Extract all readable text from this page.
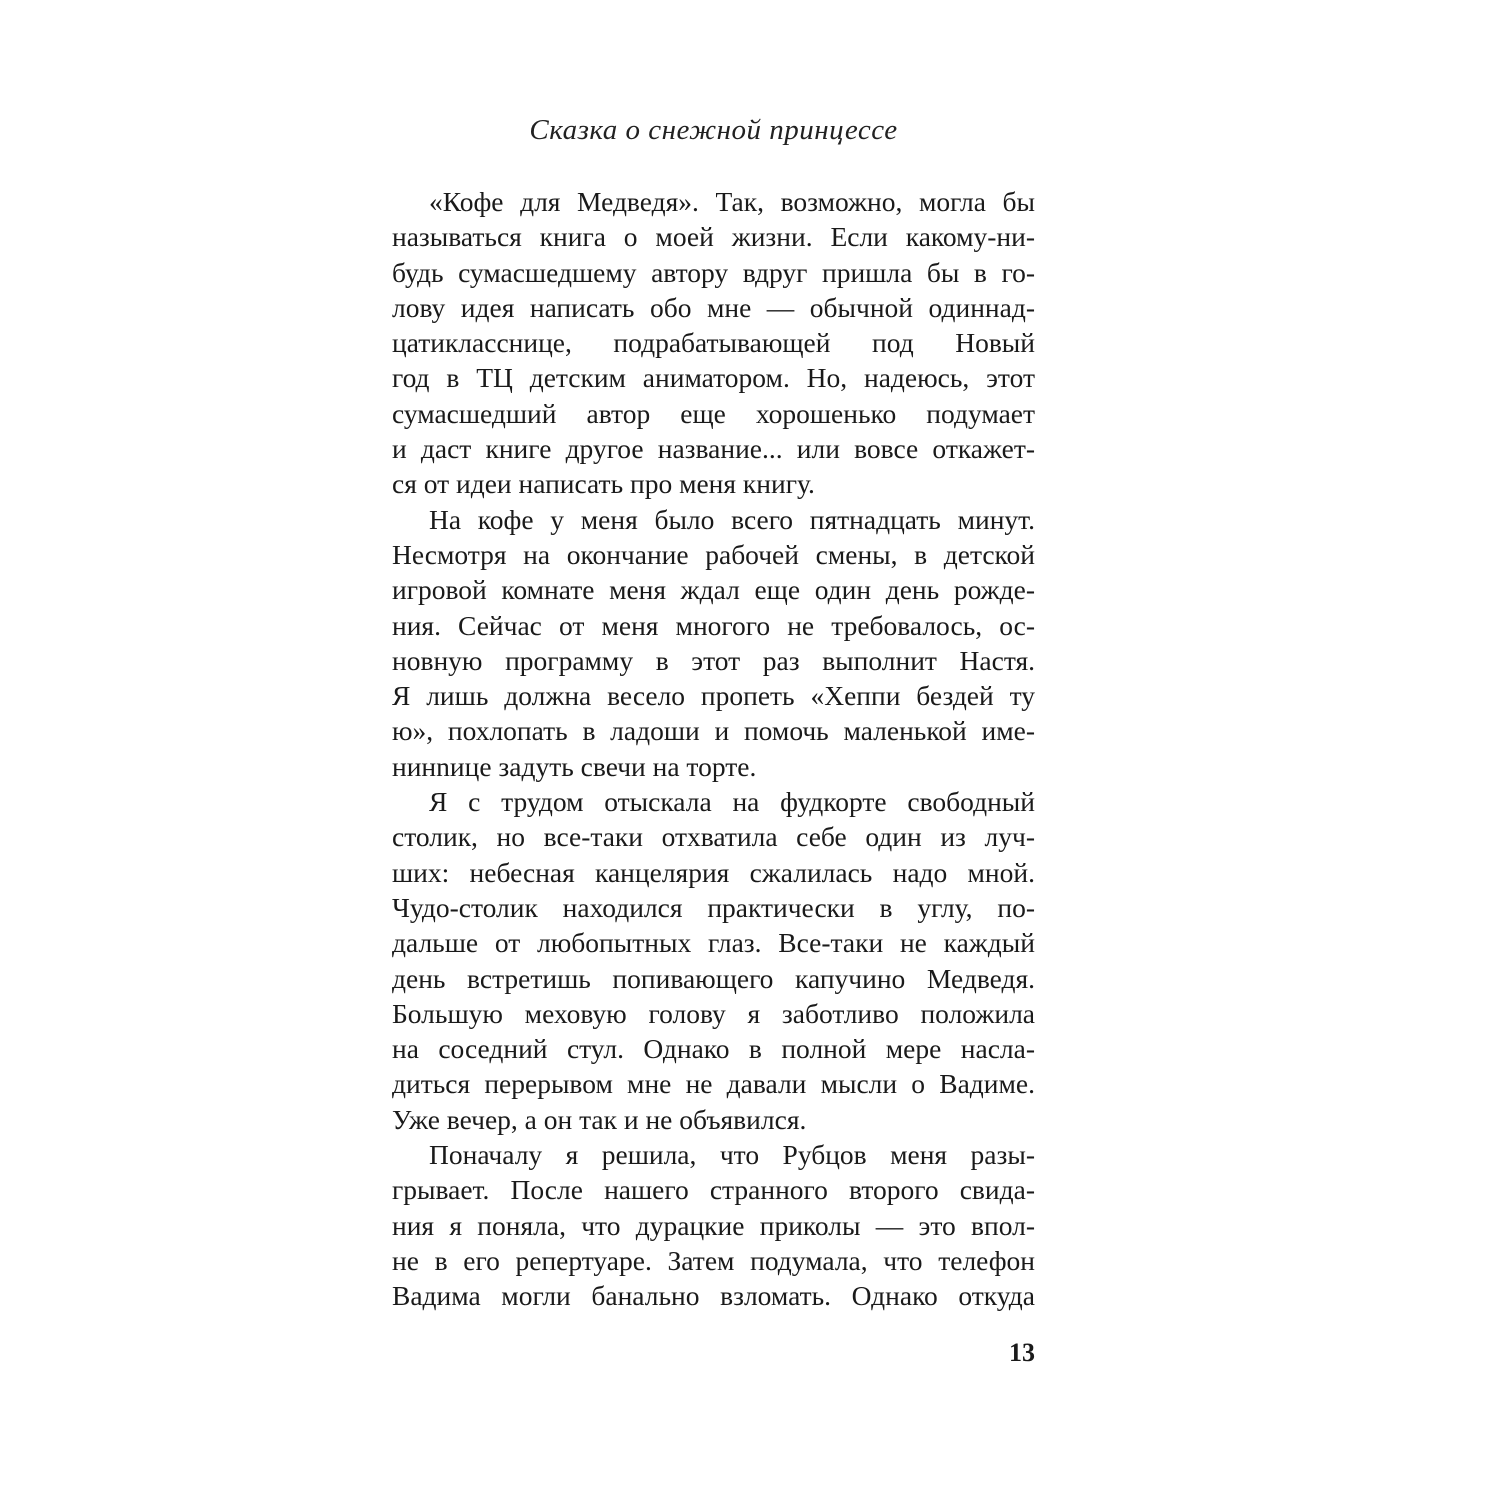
Сказка о снежной принцессе
«Кофе для Медведя». Так, возможно, могла бы
называться книга о моей жизни. Если какому-ни-
будь сумасшедшему автору вдруг пришла бы в го-
лову идея написать обо мне — обычной одиннад-
цатикласснице, подрабатывающей под Новый
год в ТЦ детским аниматором. Но, надеюсь, этот
сумасшедший автор еще хорошенько подумает
и даст книге другое название... или вовсе откажет-
ся от идеи написать про меня книгу.
На кофе у меня было всего пятнадцать минут.
Несмотря на окончание рабочей смены, в детской
игровой комнате меня ждал еще один день рожде-
ния. Сейчас от меня многого не требовалось, ос-
новную программу в этот раз выполнит Настя.
Я лишь должна весело пропеть «Хеппи бездей ту
ю», похлопать в ладоши и помочь маленькой име-
нинnице задуть свечи на торте.
Я с трудом отыскала на фудкорте свободный
столик, но все-таки отхватила себе один из луч-
ших: небесная канцелярия сжалилась надо мной.
Чудо-столик находился практически в углу, по-
дальше от любопытных глаз. Все-таки не каждый
день встретишь попивающего капучино Медведя.
Большую меховую голову я заботливо положила
на соседний стул. Однако в полной мере насла-
диться перерывом мне не давали мысли о Вадиме.
Уже вечер, а он так и не объявился.
Поначалу я решила, что Рубцов меня разы-
грывает. После нашего странного второго свида-
ния я поняла, что дурацкие приколы — это впол-
не в его репертуаре. Затем подумала, что телефон
Вадима могли банально взломать. Однако откуда
13
